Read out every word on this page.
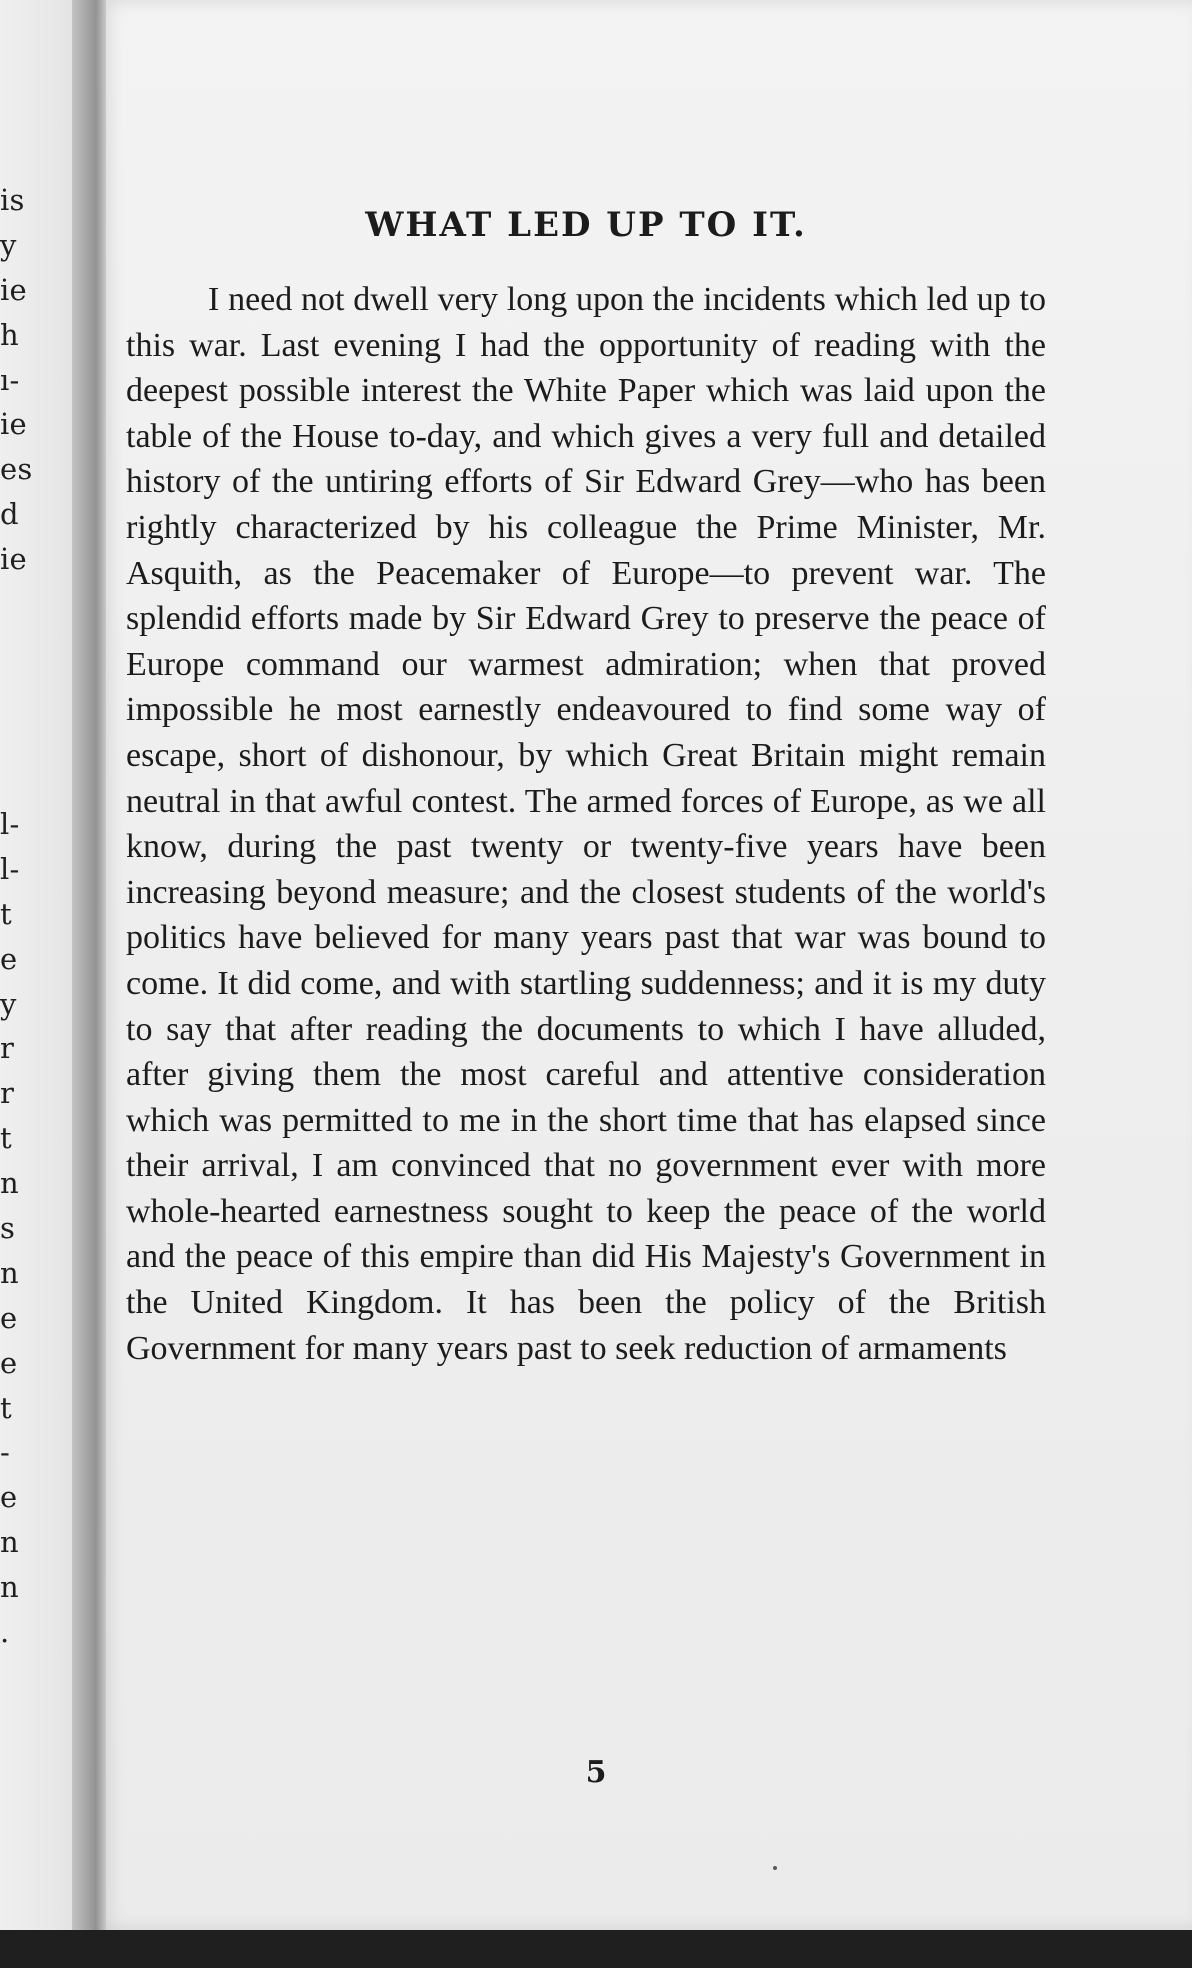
is
y
ie
h
ı-
ie
es
d
ie
l-
l-
t
e
y
r
r
t
n
s
n
e
e
t
-
e
n
n
.
WHAT LED UP TO IT.

I need not dwell very long upon the incidents which led up to this war. Last evening I had the opportunity of reading with the deepest possible interest the White Paper which was laid upon the table of the House to-day, and which gives a very full and detailed history of the untiring efforts of Sir Edward Grey—who has been rightly characterized by his colleague the Prime Minister, Mr. Asquith, as the Peacemaker of Europe—to prevent war. The splendid efforts made by Sir Edward Grey to preserve the peace of Europe command our warmest admiration; when that proved impossible he most earnestly endeavoured to find some way of escape, short of dishonour, by which Great Britain might remain neutral in that awful contest. The armed forces of Europe, as we all know, during the past twenty or twenty-five years have been increasing beyond measure; and the closest students of the world's politics have believed for many years past that war was bound to come. It did come, and with startling suddenness; and it is my duty to say that after reading the documents to which I have alluded, after giving them the most careful and attentive consideration which was permitted to me in the short time that has elapsed since their arrival, I am convinced that no government ever with more whole-hearted earnestness sought to keep the peace of the world and the peace of this empire than did His Majesty's Government in the United Kingdom. It has been the policy of the British Government for many years past to seek reduction of armaments

5
